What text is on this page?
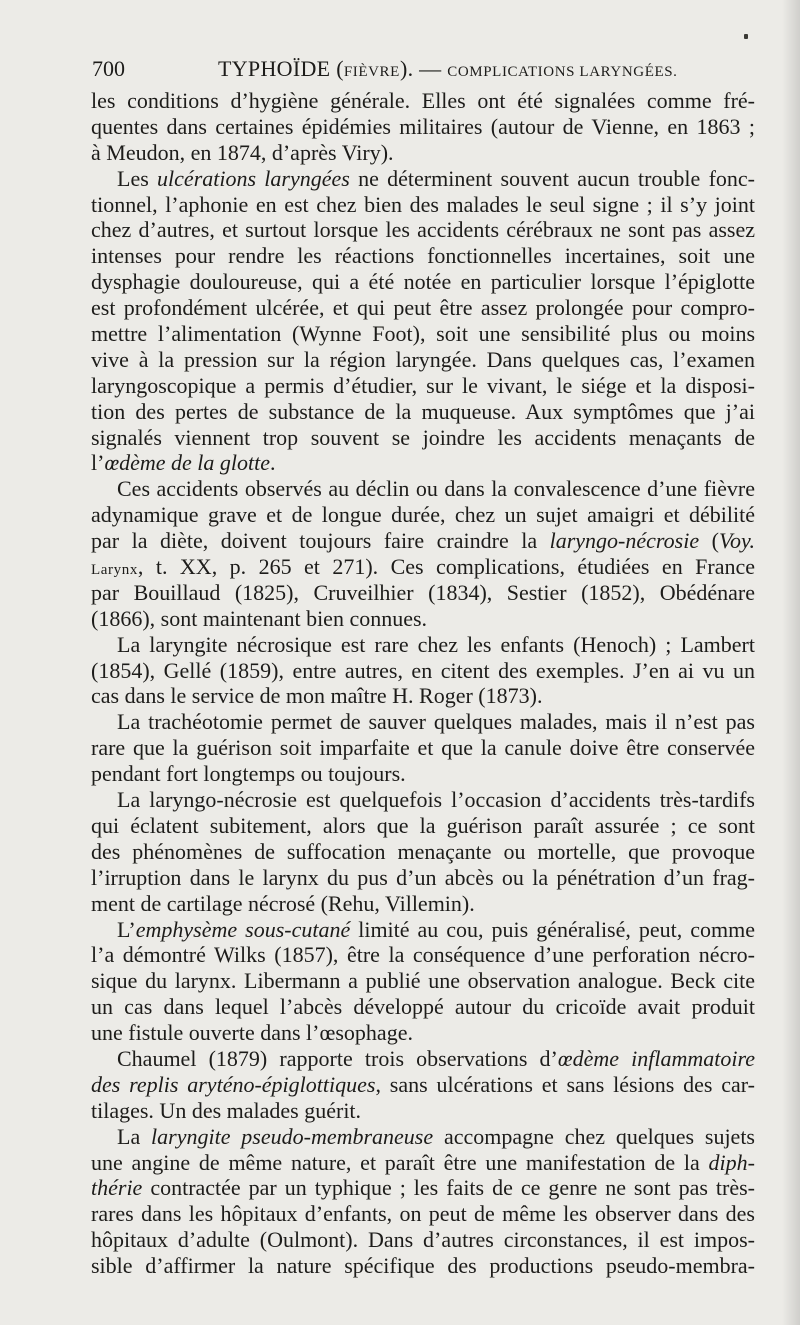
700	TYPHOÏDE (FIÈVRE). — COMPLICATIONS LARYNGÉES.
les conditions d’hygiène générale. Elles ont été signalées comme fré-
quentes dans certaines épidémies militaires (autour de Vienne, en 1863 ;
à Meudon, en 1874, d’après Viry).
Les ulcérations laryngées ne déterminent souvent aucun trouble fonc-
tionnel, l’aphonie en est chez bien des malades le seul signe ; il s’y joint
chez d’autres, et surtout lorsque les accidents cérébraux ne sont pas assez
intenses pour rendre les réactions fonctionnelles incertaines, soit une
dysphagie douloureuse, qui a été notée en particulier lorsque l’épiglotte
est profondément ulcérée, et qui peut être assez prolongée pour compro-
mettre l’alimentation (Wynne Foot), soit une sensibilité plus ou moins
vive à la pression sur la région laryngée. Dans quelques cas, l’examen
laryngoscopique a permis d’étudier, sur le vivant, le siége et la disposi-
tion des pertes de substance de la muqueuse. Aux symptômes que j’ai
signalés viennent trop souvent se joindre les accidents menaçants de
l’œdème de la glotte.
Ces accidents observés au déclin ou dans la convalescence d’une fièvre
adynamique grave et de longue durée, chez un sujet amaigri et débilité
par la diète, doivent toujours faire craindre la laryngo-nécrosie (Voy.
Larynx, t. XX, p. 265 et 271). Ces complications, étudiées en France
par Bouillaud (1825), Cruveilhier (1834), Sestier (1852), Obédénare
(1866), sont maintenant bien connues.
La laryngite nécrosique est rare chez les enfants (Henoch) ; Lambert
(1854), Gellé (1859), entre autres, en citent des exemples. J’en ai vu un
cas dans le service de mon maître H. Roger (1873).
La trachéotomie permet de sauver quelques malades, mais il n’est pas
rare que la guérison soit imparfaite et que la canule doive être conservée
pendant fort longtemps ou toujours.
La laryngo-nécrosie est quelquefois l’occasion d’accidents très-tardifs
qui éclatent subitement, alors que la guérison paraît assurée ; ce sont
des phénomènes de suffocation menaçante ou mortelle, que provoque
l’irruption dans le larynx du pus d’un abcès ou la pénétration d’un frag-
ment de cartilage nécrosé (Rehu, Villemin).
L’emphysème sous-cutané limité au cou, puis généralisé, peut, comme
l’a démontré Wilks (1857), être la conséquence d’une perforation nécro-
sique du larynx. Libermann a publié une observation analogue. Beck cite
un cas dans lequel l’abcès développé autour du cricoïde avait produit
une fistule ouverte dans l’œsophage.
Chaumel (1879) rapporte trois observations d’œdème inflammatoire
des replis aryténo-épiglottiques, sans ulcérations et sans lésions des car-
tilages. Un des malades guérit.
La laryngite pseudo-membraneuse accompagne chez quelques sujets
une angine de même nature, et paraît être une manifestation de la diph-
thérie contractée par un typhique ; les faits de ce genre ne sont pas très-
rares dans les hôpitaux d’enfants, on peut de même les observer dans des
hôpitaux d’adulte (Oulmont). Dans d’autres circonstances, il est impos-
sible d’affirmer la nature spécifique des productions pseudo-membra-
